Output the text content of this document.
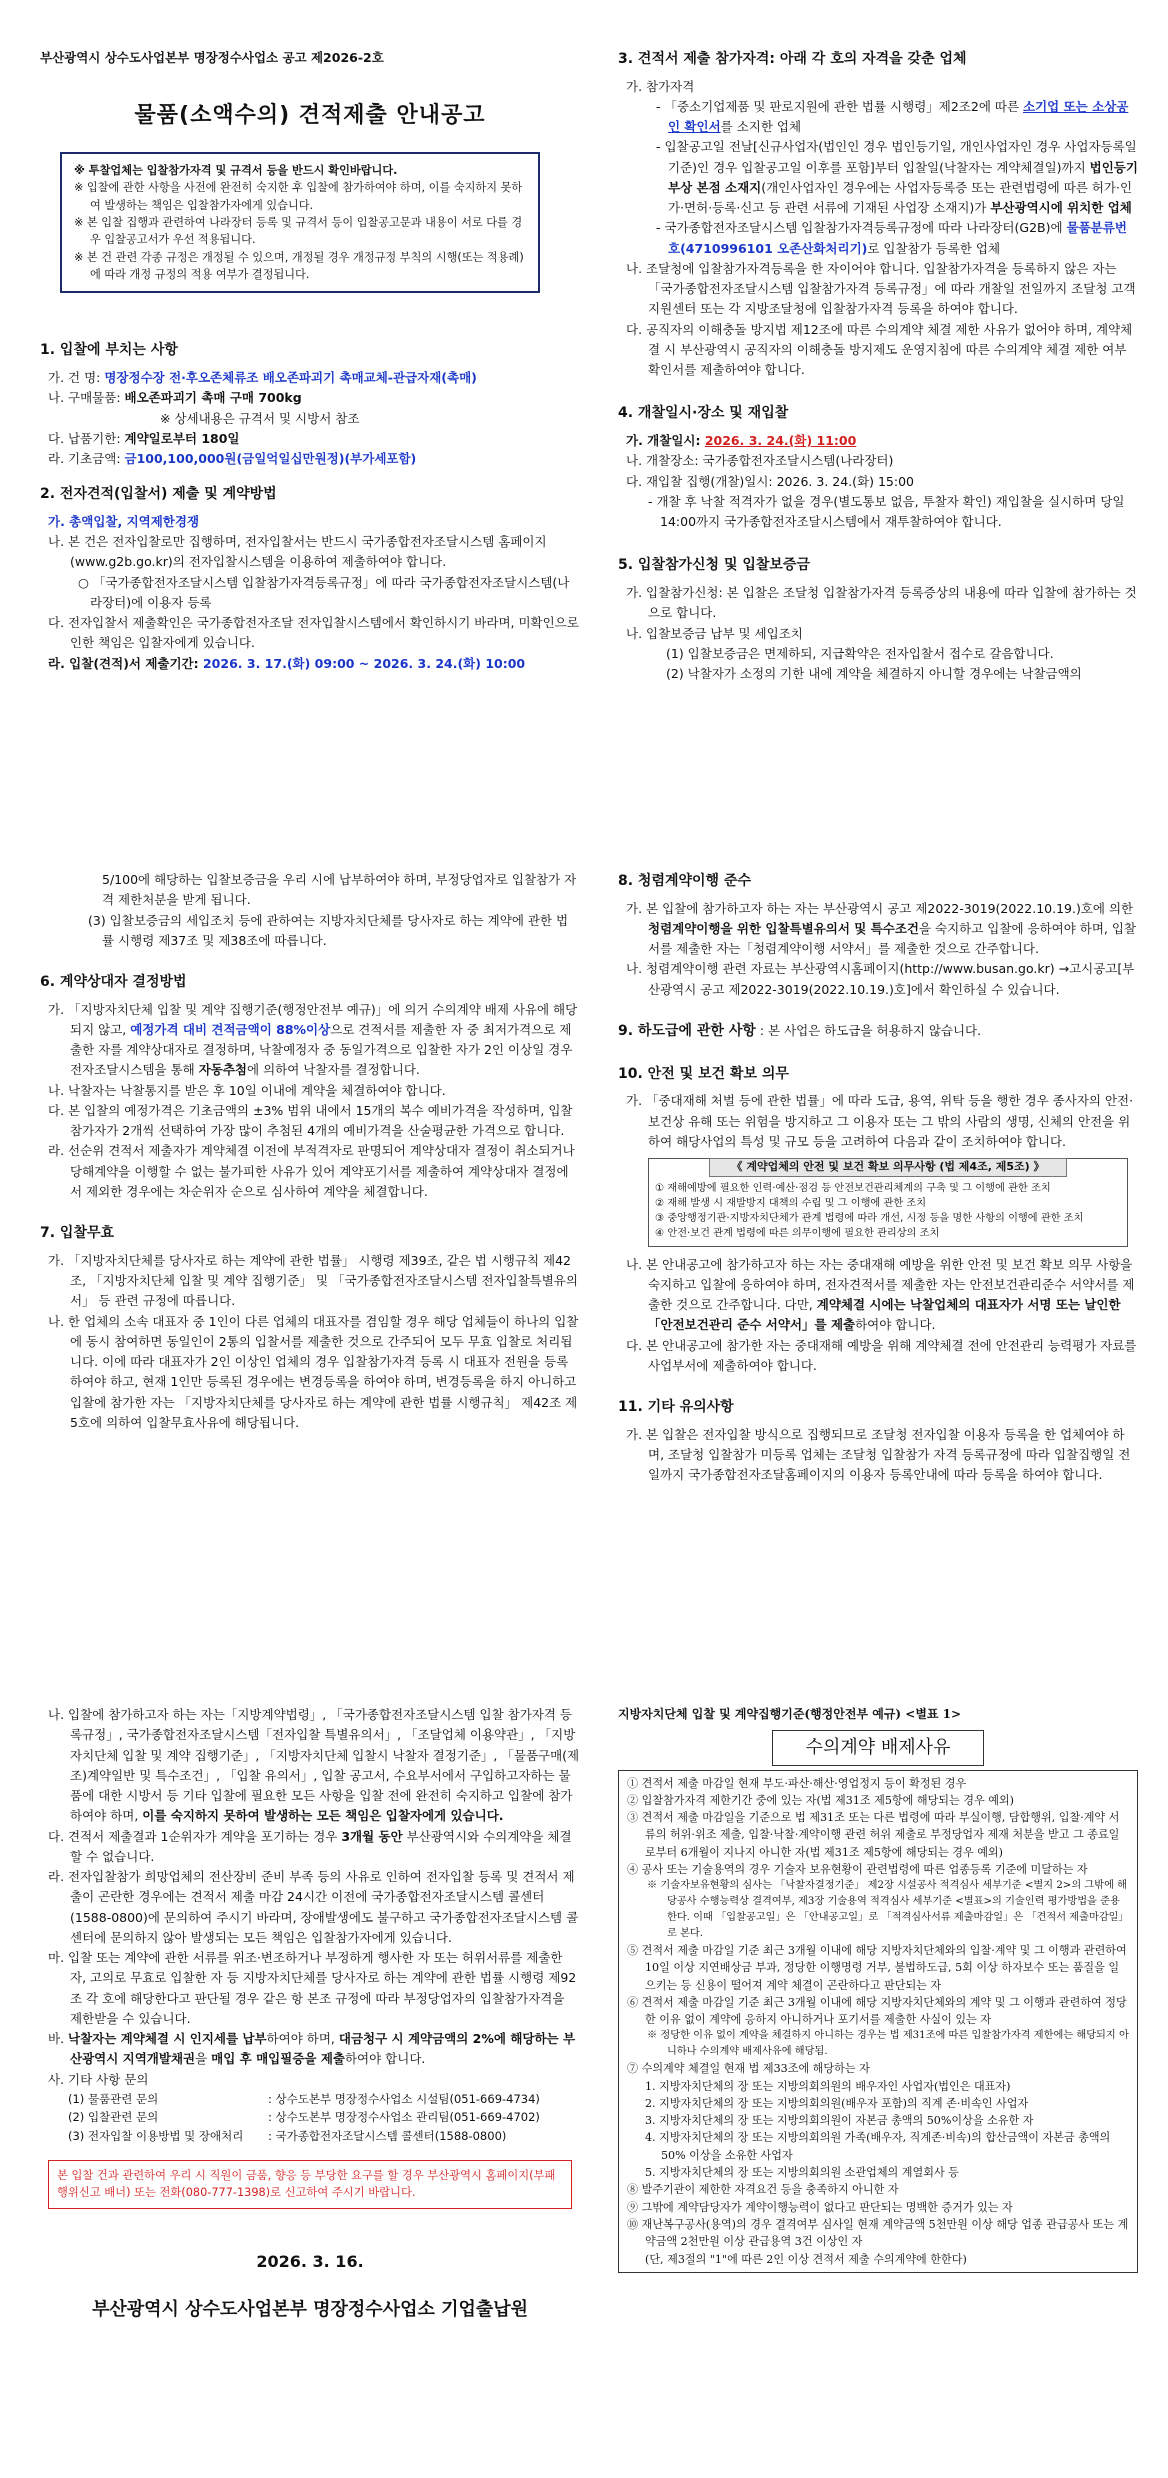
부산광역시 상수도사업본부 명장정수사업소 공고 제2026-2호
물품(소액수의) 견적제출 안내공고

※ 투찰업체는 입찰참가자격 및 규격서 등을 반드시 확인바랍니다.

※ 입찰에 관한 사항을 사전에 완전히 숙지한 후 입찰에 참가하여야 하며, 이를 숙지하지 못하여 발생하는 책임은 입찰참가자에게 있습니다.

※ 본 입찰 집행과 관련하여 나라장터 등록 및 규격서 등이 입찰공고문과 내용이 서로 다를 경우 입찰공고서가 우선 적용됩니다.

※ 본 건 관련 각종 규정은 개정될 수 있으며, 개정될 경우 개정규정 부칙의 시행(또는 적용례)에 따라 개정 규정의 적용 여부가 결정됩니다.

1. 입찰에 부치는 사항
가. 건 명: 명장정수장 전·후오존체류조 배오존파괴기 촉매교체-관급자재(촉매)
나. 구매물품: 배오존파괴기 촉매 구매 700kg
※ 상세내용은 규격서 및 시방서 참조
다. 납품기한: 계약일로부터 180일
라. 기초금액: 금100,100,000원(금일억일십만원정)(부가세포함)
2. 전자견적(입찰서) 제출 및 계약방법
가. 총액입찰, 지역제한경쟁
나. 본 건은 전자입찰로만 집행하며, 전자입찰서는 반드시 국가종합전자조달시스템 홈페이지(www.g2b.go.kr)의 전자입찰시스템을 이용하여 제출하여야 합니다.
○ 「국가종합전자조달시스템 입찰참가자격등록규정」에 따라 국가종합전자조달시스템(나라장터)에 이용자 등록
다. 전자입찰서 제출확인은 국가종합전자조달 전자입찰시스템에서 확인하시기 바라며, 미확인으로 인한 책임은 입찰자에게 있습니다.
라. 입찰(견적)서 제출기간: 2026. 3. 17.(화) 09:00 ~ 2026. 3. 24.(화) 10:00
3. 견적서 제출 참가자격: 아래 각 호의 자격을 갖춘 업체
가. 참가자격
- 「중소기업제품 및 판로지원에 관한 법률 시행령」제2조2에 따른 소기업 또는 소상공인 확인서를 소지한 업체
- 입찰공고일 전날[신규사업자(법인인 경우 법인등기일, 개인사업자인 경우 사업자등록일 기준)인 경우 입찰공고일 이후를 포함]부터 입찰일(낙찰자는 계약체결일)까지 법인등기부상 본점 소재지(개인사업자인 경우에는 사업자등록증 또는 관련법령에 따른 허가·인가·면허·등록·신고 등 관련 서류에 기재된 사업장 소재지)가 부산광역시에 위치한 업체
- 국가종합전자조달시스템 입찰참가자격등록규정에 따라 나라장터(G2B)에 물품분류번호(4710996101 오존산화처리기)로 입찰참가 등록한 업체
나. 조달청에 입찰참가자격등록을 한 자이어야 합니다. 입찰참가자격을 등록하지 않은 자는 「국가종합전자조달시스템 입찰참가자격 등록규정」에 따라 개찰일 전일까지 조달청 고객지원센터 또는 각 지방조달청에 입찰참가자격 등록을 하여야 합니다.
다. 공직자의 이해충돌 방지법 제12조에 따른 수의계약 체결 제한 사유가 없어야 하며, 계약체결 시 부산광역시 공직자의 이해충돌 방지제도 운영지침에 따른 수의계약 체결 제한 여부 확인서를 제출하여야 합니다.
4. 개찰일시·장소 및 재입찰
가. 개찰일시: 2026. 3. 24.(화) 11:00
나. 개찰장소: 국가종합전자조달시스템(나라장터)
다. 재입찰 집행(개찰)일시: 2026. 3. 24.(화) 15:00
- 개찰 후 낙찰 적격자가 없을 경우(별도통보 없음, 투찰자 확인) 재입찰을 실시하며 당일 14:00까지 국가종합전자조달시스템에서 재투찰하여야 합니다.
5. 입찰참가신청 및 입찰보증금
가. 입찰참가신청: 본 입찰은 조달청 입찰참가자격 등록증상의 내용에 따라 입찰에 참가하는 것으로 합니다.
나. 입찰보증금 납부 및 세입조치
(1) 입찰보증금은 면제하되, 지급확약은 전자입찰서 접수로 갈음합니다.
(2) 낙찰자가 소정의 기한 내에 계약을 체결하지 아니할 경우에는 낙찰금액의
5/100에 해당하는 입찰보증금을 우리 시에 납부하여야 하며, 부정당업자로 입찰참가 자격 제한처분을 받게 됩니다.
(3) 입찰보증금의 세입조치 등에 관하여는 지방자치단체를 당사자로 하는 계약에 관한 법률 시행령 제37조 및 제38조에 따릅니다.
6. 계약상대자 결정방법
가. 「지방자치단체 입찰 및 계약 집행기준(행정안전부 예규)」에 의거 수의계약 배제 사유에 해당되지 않고, 예정가격 대비 견적금액이 88%이상으로 견적서를 제출한 자 중 최저가격으로 제출한 자를 계약상대자로 결정하며, 낙찰예정자 중 동일가격으로 입찰한 자가 2인 이상일 경우 전자조달시스템을 통해 자동추첨에 의하여 낙찰자를 결정합니다.
나. 낙찰자는 낙찰통지를 받은 후 10일 이내에 계약을 체결하여야 합니다.
다. 본 입찰의 예정가격은 기초금액의 ±3% 범위 내에서 15개의 복수 예비가격을 작성하며, 입찰참가자가 2개씩 선택하여 가장 많이 추첨된 4개의 예비가격을 산술평균한 가격으로 합니다.
라. 선순위 견적서 제출자가 계약체결 이전에 부적격자로 판명되어 계약상대자 결정이 취소되거나 당해계약을 이행할 수 없는 불가피한 사유가 있어 계약포기서를 제출하여 계약상대자 결정에서 제외한 경우에는 차순위자 순으로 심사하여 계약을 체결합니다.
7. 입찰무효
가. 「지방자치단체를 당사자로 하는 계약에 관한 법률」 시행령 제39조, 같은 법 시행규칙 제42조, 「지방자치단체 입찰 및 계약 집행기준」 및 「국가종합전자조달시스템 전자입찰특별유의서」 등 관련 규정에 따릅니다.
나. 한 업체의 소속 대표자 중 1인이 다른 업체의 대표자를 겸임할 경우 해당 업체들이 하나의 입찰에 동시 참여하면 동일인이 2통의 입찰서를 제출한 것으로 간주되어 모두 무효 입찰로 처리됩니다. 이에 따라 대표자가 2인 이상인 업체의 경우 입찰참가자격 등록 시 대표자 전원을 등록하여야 하고, 현재 1인만 등록된 경우에는 변경등록을 하여야 하며, 변경등록을 하지 아니하고 입찰에 참가한 자는 「지방자치단체를 당사자로 하는 계약에 관한 법률 시행규칙」 제42조 제5호에 의하여 입찰무효사유에 해당됩니다.
8. 청렴계약이행 준수
가. 본 입찰에 참가하고자 하는 자는 부산광역시 공고 제2022-3019(2022.10.19.)호에 의한 청렴계약이행을 위한 입찰특별유의서 및 특수조건을 숙지하고 입찰에 응하여야 하며, 입찰서를 제출한 자는「청렴계약이행 서약서」를 제출한 것으로 간주합니다.
나. 청렴계약이행 관련 자료는 부산광역시홈페이지(http://www.busan.go.kr) →고시공고[부산광역시 공고 제2022-3019(2022.10.19.)호]에서 확인하실 수 있습니다.
9. 하도급에 관한 사항 : 본 사업은 하도급을 허용하지 않습니다.
10. 안전 및 보건 확보 의무
가. 「중대재해 처벌 등에 관한 법률」에 따라 도급, 용역, 위탁 등을 행한 경우 종사자의 안전·보건상 유해 또는 위험을 방지하고 그 이용자 또는 그 밖의 사람의 생명, 신체의 안전을 위하여 해당사업의 특성 및 규모 등을 고려하여 다음과 같이 조치하여야 합니다.
《 계약업체의 안전 및 보건 확보 의무사항 (법 제4조, 제5조) 》

① 재해예방에 필요한 인력·예산·점검 등 안전보건관리체계의 구축 및 그 이행에 관한 조치

② 재해 발생 시 재발방지 대책의 수립 및 그 이행에 관한 조치

③ 중앙행정기관·지방자치단체가 관계 법령에 따라 개선, 시정 등을 명한 사항의 이행에 관한 조치

④ 안전·보건 관계 법령에 따른 의무이행에 필요한 관리상의 조치

나. 본 안내공고에 참가하고자 하는 자는 중대재해 예방을 위한 안전 및 보건 확보 의무 사항을 숙지하고 입찰에 응하여야 하며, 전자견적서를 제출한 자는 안전보건관리준수 서약서를 제출한 것으로 간주합니다. 다만, 계약체결 시에는 낙찰업체의 대표자가 서명 또는 날인한「안전보건관리 준수 서약서」를 제출하여야 합니다.
다. 본 안내공고에 참가한 자는 중대재해 예방을 위해 계약체결 전에 안전관리 능력평가 자료를 사업부서에 제출하여야 합니다.
11. 기타 유의사항
가. 본 입찰은 전자입찰 방식으로 집행되므로 조달청 전자입찰 이용자 등록을 한 업체여야 하며, 조달청 입찰참가 미등록 업체는 조달청 입찰참가 자격 등록규정에 따라 입찰집행일 전일까지 국가종합전자조달홈페이지의 이용자 등록안내에 따라 등록을 하여야 합니다.
나. 입찰에 참가하고자 하는 자는「지방계약법령」, 「국가종합전자조달시스템 입찰 참가자격 등록규정」, 국가종합전자조달시스템「전자입찰 특별유의서」, 「조달업체 이용약관」, 「지방자치단체 입찰 및 계약 집행기준」, 「지방자치단체 입찰시 낙찰자 결정기준」, 「물품구매(제조)계약일반 및 특수조건」, 「입찰 유의서」, 입찰 공고서, 수요부서에서 구입하고자하는 물품에 대한 시방서 등 기타 입찰에 필요한 모든 사항을 입찰 전에 완전히 숙지하고 입찰에 참가하여야 하며, 이를 숙지하지 못하여 발생하는 모든 책임은 입찰자에게 있습니다.
다. 견적서 제출결과 1순위자가 계약을 포기하는 경우 3개월 동안 부산광역시와 수의계약을 체결할 수 없습니다.
라. 전자입찰참가 희망업체의 전산장비 준비 부족 등의 사유로 인하여 전자입찰 등록 및 견적서 제출이 곤란한 경우에는 견적서 제출 마감 24시간 이전에 국가종합전자조달시스템 콜센터(1588-0800)에 문의하여 주시기 바라며, 장애발생에도 불구하고 국가종합전자조달시스템 콜센터에 문의하지 않아 발생되는 모든 책임은 입찰참가자에게 있습니다.
마. 입찰 또는 계약에 관한 서류를 위조·변조하거나 부정하게 행사한 자 또는 허위서류를 제출한 자, 고의로 무효로 입찰한 자 등 지방자치단체를 당사자로 하는 계약에 관한 법률 시행령 제92조 각 호에 해당한다고 판단될 경우 같은 항 본조 규정에 따라 부정당업자의 입찰참가자격을 제한받을 수 있습니다.
바. 낙찰자는 계약체결 시 인지세를 납부하여야 하며, 대금청구 시 계약금액의 2%에 해당하는 부산광역시 지역개발채권을 매입 후 매입필증을 제출하여야 합니다.
사. 기타 사항 문의
(1) 물품관련 문의	: 상수도본부 명장정수사업소 시설팀(051-669-4734)
(2) 입찰관련 문의	: 상수도본부 명장정수사업소 관리팀(051-669-4702)
(3) 전자입찰 이용방법 및 장애처리	: 국가종합전자조달시스템 콜센터(1588-0800)
본 입찰 건과 관련하여 우리 시 직원이 금품, 향응 등 부당한 요구를 할 경우 부산광역시 홈페이지(부패행위신고 배너) 또는 전화(080-777-1398)로 신고하여 주시기 바랍니다.
2026. 3. 16.
부산광역시 상수도사업본부 명장정수사업소 기업출납원
지방자치단체 입찰 및 계약집행기준(행정안전부 예규) <별표 1>
수의계약 배제사유

① 견적서 제출 마감일 현재 부도·파산·해산·영업정지 등이 확정된 경우

② 입찰참가자격 제한기간 중에 있는 자(법 제31조 제5항에 해당되는 경우 예외)

③ 견적서 제출 마감일을 기준으로 법 제31조 또는 다른 법령에 따라 부실이행, 담합행위, 입찰·계약 서류의 허위·위조 제출, 입찰·낙찰·계약이행 관련 허위 제출로 부정당업자 제재 처분을 받고 그 종료일로부터 6개월이 지나지 아니한 자(법 제31조 제5항에 해당되는 경우 예외)

④ 공사 또는 기술용역의 경우 기술자 보유현황이 관련법령에 따른 업종등록 기준에 미달하는 자

※ 기술자보유현황의 심사는 「낙찰자결정기준」 제2장 시설공사 적격심사 세부기준 <별지 2>의 그밖에 해당공사 수행능력상 결격여부, 제3장 기술용역 적격심사 세부기준 <별표>의 기술인력 평가방법을 준용한다. 이때 「입찰공고일」은 「안내공고일」로 「적격심사서류 제출마감일」은 「견적서 제출마감일」로 본다.

⑤ 견적서 제출 마감일 기준 최근 3개월 이내에 해당 지방자치단체와의 입찰·계약 및 그 이행과 관련하여 10일 이상 지연배상금 부과, 정당한 이행명령 거부, 불법하도급, 5회 이상 하자보수 또는 품질을 일으키는 등 신용이 떨어져 계약 체결이 곤란하다고 판단되는 자

⑥ 견적서 제출 마감일 기준 최근 3개월 이내에 해당 지방자치단체와의 계약 및 그 이행과 관련하여 정당한 이유 없이 계약에 응하지 아니하거나 포기서를 제출한 사실이 있는 자

※ 정당한 이유 없이 계약을 체결하지 아니하는 경우는 법 제31조에 따른 입찰참가자격 제한에는 해당되지 아니하나 수의계약 배제사유에 해당됨.

⑦ 수의계약 체결일 현재 법 제33조에 해당하는 자

1. 지방자치단체의 장 또는 지방의회의원의 배우자인 사업자(법인은 대표자)

2. 지방자치단체의 장 또는 지방의회의원(배우자 포함)의 직계 존·비속인 사업자

3. 지방자치단체의 장 또는 지방의회의원이 자본금 총액의 50%이상을 소유한 자

4. 지방자치단체의 장 또는 지방의회의원 가족(배우자, 직계존·비속)의 합산금액이 자본금 총액의 50% 이상을 소유한 사업자

5. 지방자치단체의 장 또는 지방의회의원 소관업체의 계열회사 등

⑧ 발주기관이 제한한 자격요건 등을 충족하지 아니한 자

⑨ 그밖에 계약담당자가 계약이행능력이 없다고 판단되는 명백한 증거가 있는 자

⑩ 재난복구공사(용역)의 경우 결격여부 심사일 현재 계약금액 5천만원 이상 해당 업종 관급공사 또는 계약금액 2천만원 이상 관급용역 3건 이상인 자

(단, 제3절의 "1"에 따른 2인 이상 견적서 제출 수의계약에 한한다)
